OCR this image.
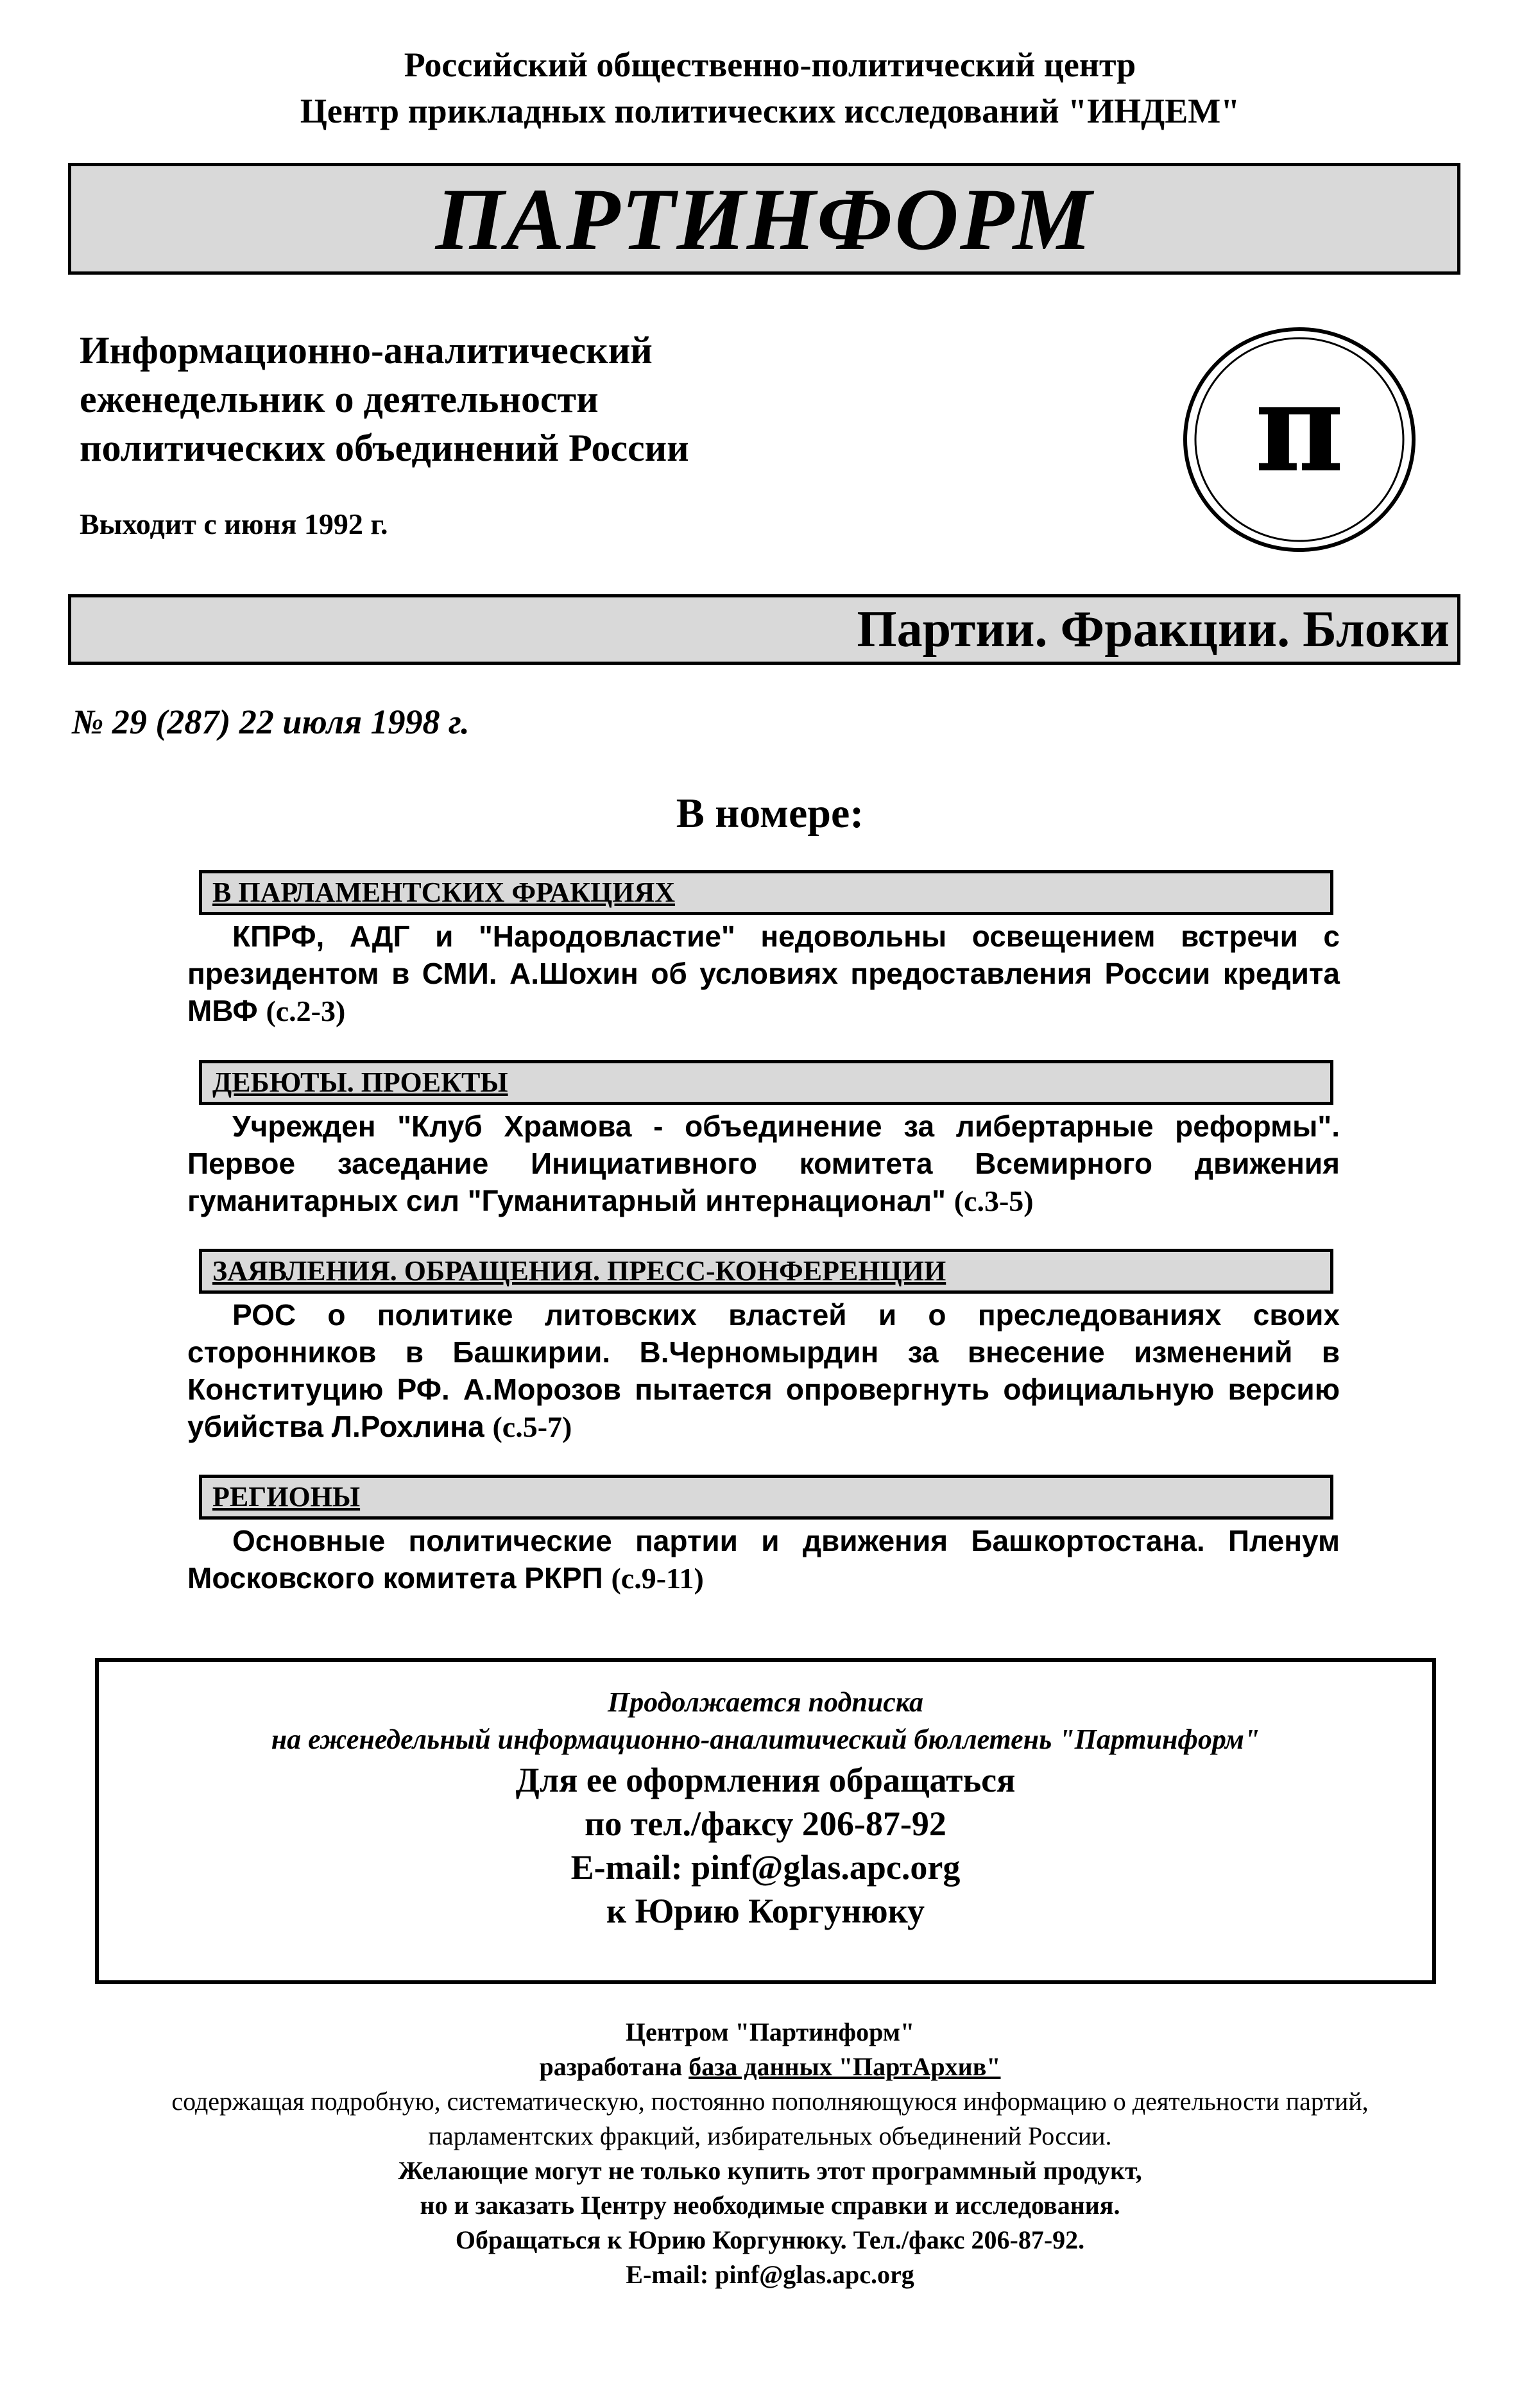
Российский общественно-политический центр
Центр прикладных политических исследований "ИНДЕМ"
ПАРТИНФОРМ
Информационно-аналитический
еженедельник о деятельности
политических объединений России
Выходит с июня 1992 г.
π
Партии. Фракции. Блоки
№ 29 (287) 22 июля 1998 г.
В номере:
В ПАРЛАМЕНТСКИХ ФРАКЦИЯХ
КПРФ, АДГ и "Народовластие" недовольны освещением встречи с президентом в СМИ. А.Шохин об условиях предоставления России кредита МВФ (с.2-3)
ДЕБЮТЫ. ПРОЕКТЫ
Учрежден "Клуб Храмова - объединение за либертарные реформы". Первое заседание Инициативного комитета Всемирного движения гуманитарных сил "Гуманитарный интернационал" (с.3-5)
ЗАЯВЛЕНИЯ. ОБРАЩЕНИЯ. ПРЕСС-КОНФЕРЕНЦИИ
РОС о политике литовских властей и о преследованиях своих сторонников в Башкирии. В.Черномырдин за внесение изменений в Конституцию РФ. А.Морозов пытается опровергнуть официальную версию убийства Л.Рохлина (с.5-7)
РЕГИОНЫ
Основные политические партии и движения Башкортостана. Пленум Московского комитета РКРП (с.9-11)
Продолжается подписка
на еженедельный информационно-аналитический бюллетень "Партинформ"
Для ее оформления обращаться
по тел./факсу 206-87-92
E-mail: pinf@glas.apc.org
к Юрию Коргунюку
Центром "Партинформ"
разработана база данных "ПартАрхив"
содержащая подробную, систематическую, постоянно пополняющуюся информацию о деятельности партий,
парламентских фракций, избирательных объединений России.
Желающие могут не только купить этот программный продукт,
но и заказать Центру необходимые справки и исследования.
Обращаться к Юрию Коргунюку. Тел./факс 206-87-92.
E-mail: pinf@glas.apc.org
